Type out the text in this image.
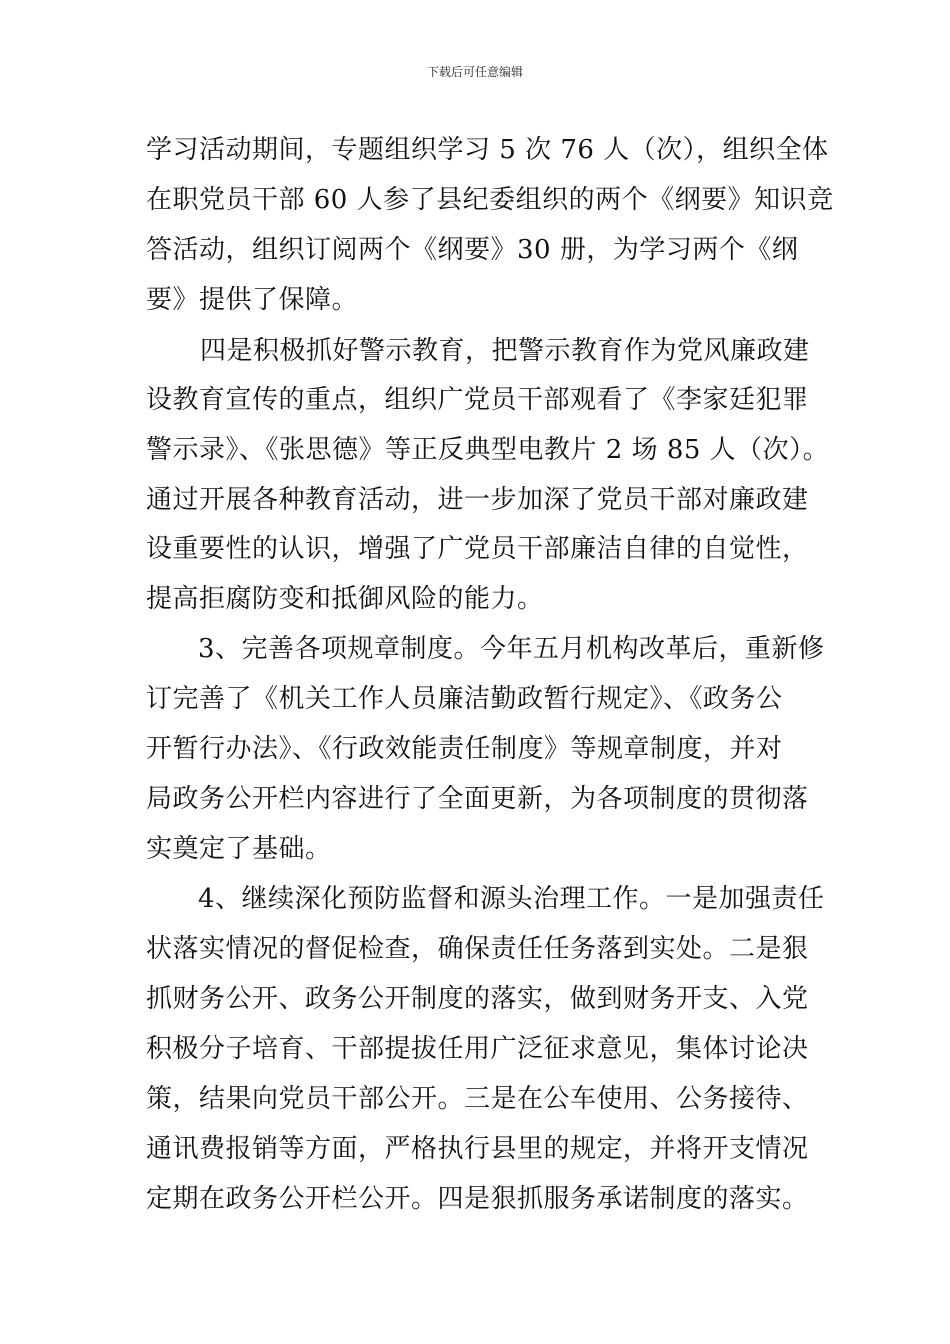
下载后可任意编辑
学习活动期间，专题组织学习 5 次 76 人（次），组织全体
在职党员干部 60 人参了县纪委组织的两个《纲要》知识竞
答活动，组织订阅两个《纲要》30 册，为学习两个《纲
要》提供了保障。
四是积极抓好警示教育，把警示教育作为党风廉政建
设教育宣传的重点，组织广党员干部观看了《李家廷犯罪
警示录》、《张思德》等正反典型电教片 2 场 85 人（次）。
通过开展各种教育活动，进一步加深了党员干部对廉政建
设重要性的认识，增强了广党员干部廉洁自律的自觉性，
提高拒腐防变和抵御风险的能力。
3、完善各项规章制度。今年五月机构改革后，重新修
订完善了《机关工作人员廉洁勤政暂行规定》、《政务公
开暂行办法》、《行政效能责任制度》等规章制度，并对
局政务公开栏内容进行了全面更新，为各项制度的贯彻落
实奠定了基础。
4、继续深化预防监督和源头治理工作。一是加强责任
状落实情况的督促检查，确保责任任务落到实处。二是狠
抓财务公开、政务公开制度的落实，做到财务开支、入党
积极分子培育、干部提拔任用广泛征求意见，集体讨论决
策，结果向党员干部公开。三是在公车使用、公务接待、
通讯费报销等方面，严格执行县里的规定，并将开支情况
定期在政务公开栏公开。四是狠抓服务承诺制度的落实。
